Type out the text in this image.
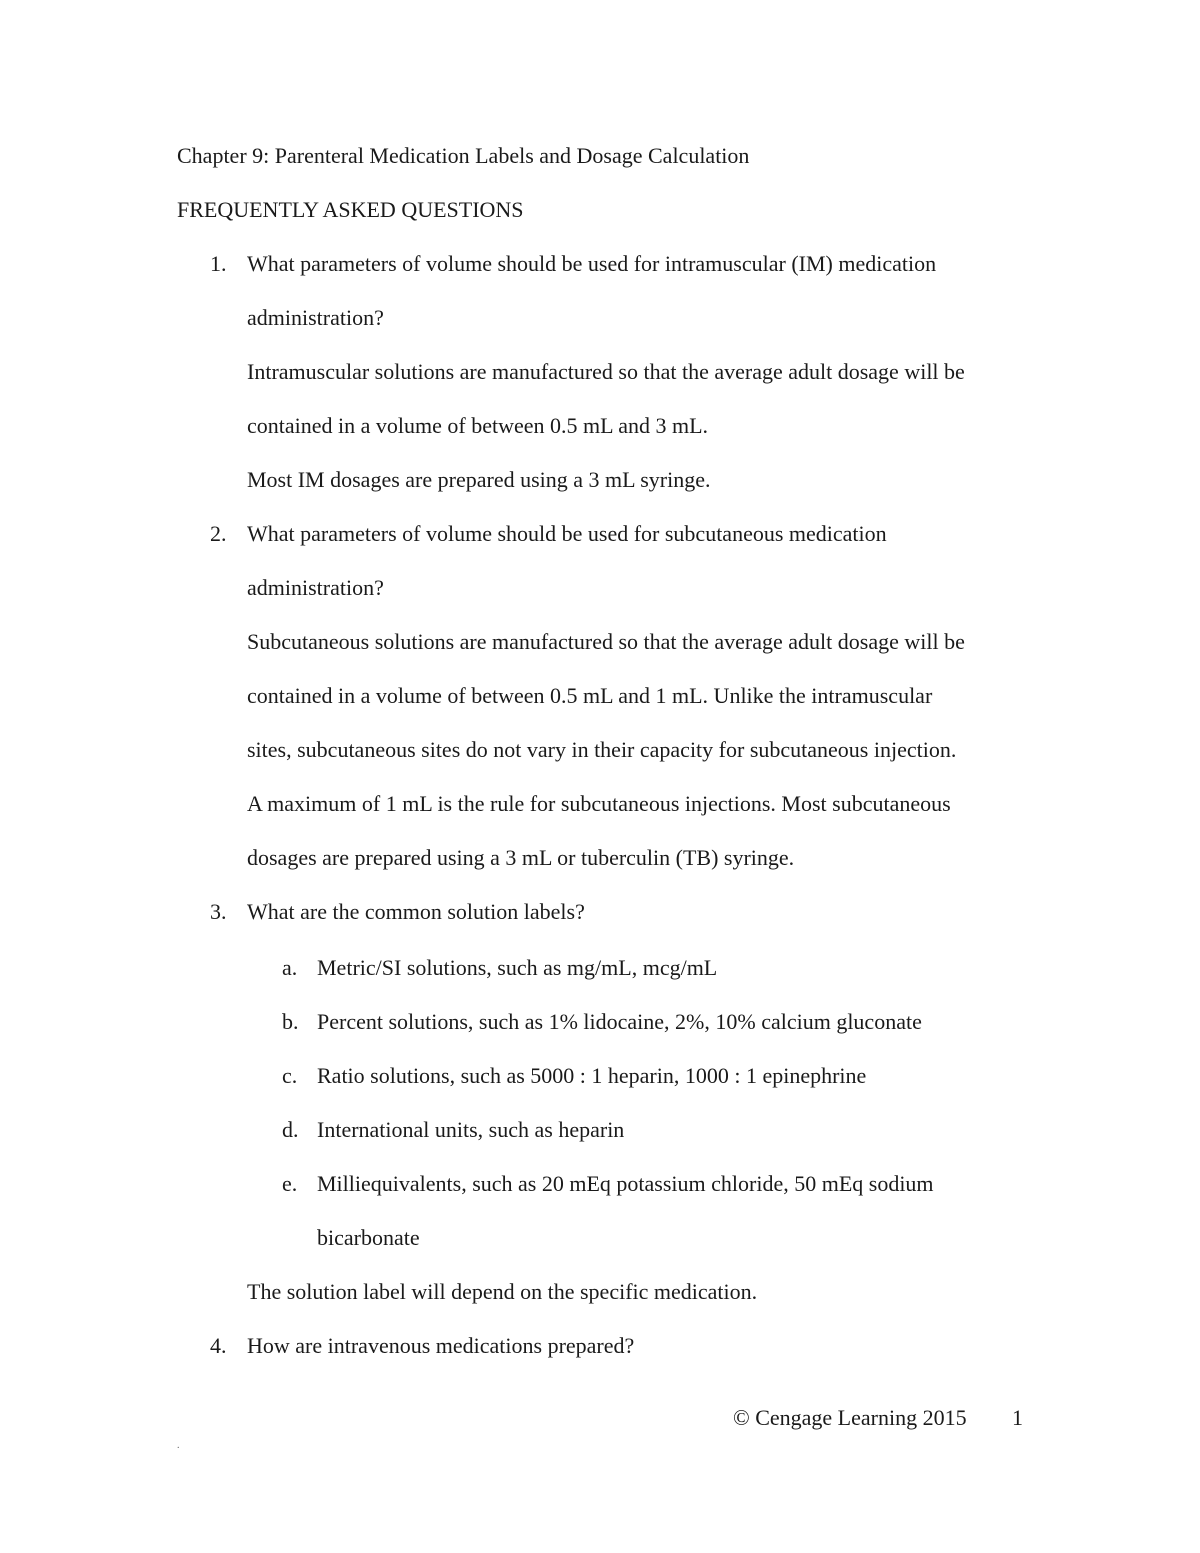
Chapter 9: Parenteral Medication Labels and Dosage Calculation
FREQUENTLY ASKED QUESTIONS
1. What parameters of volume should be used for intramuscular (IM) medication
administration?
Intramuscular solutions are manufactured so that the average adult dosage will be
contained in a volume of between 0.5 mL and 3 mL.
Most IM dosages are prepared using a 3 mL syringe.
2. What parameters of volume should be used for subcutaneous medication
administration?
Subcutaneous solutions are manufactured so that the average adult dosage will be
contained in a volume of between 0.5 mL and 1 mL. Unlike the intramuscular
sites, subcutaneous sites do not vary in their capacity for subcutaneous injection.
A maximum of 1 mL is the rule for subcutaneous injections. Most subcutaneous
dosages are prepared using a 3 mL or tuberculin (TB) syringe.
3. What are the common solution labels?
a. Metric/SI solutions, such as mg/mL, mcg/mL
b. Percent solutions, such as 1% lidocaine, 2%, 10% calcium gluconate
c. Ratio solutions, such as 5000 : 1 heparin, 1000 : 1 epinephrine
d. International units, such as heparin
e. Milliequivalents, such as 20 mEq potassium chloride, 50 mEq sodium
bicarbonate
The solution label will depend on the specific medication.
4. How are intravenous medications prepared?
© Cengage Learning 2015 1
.
